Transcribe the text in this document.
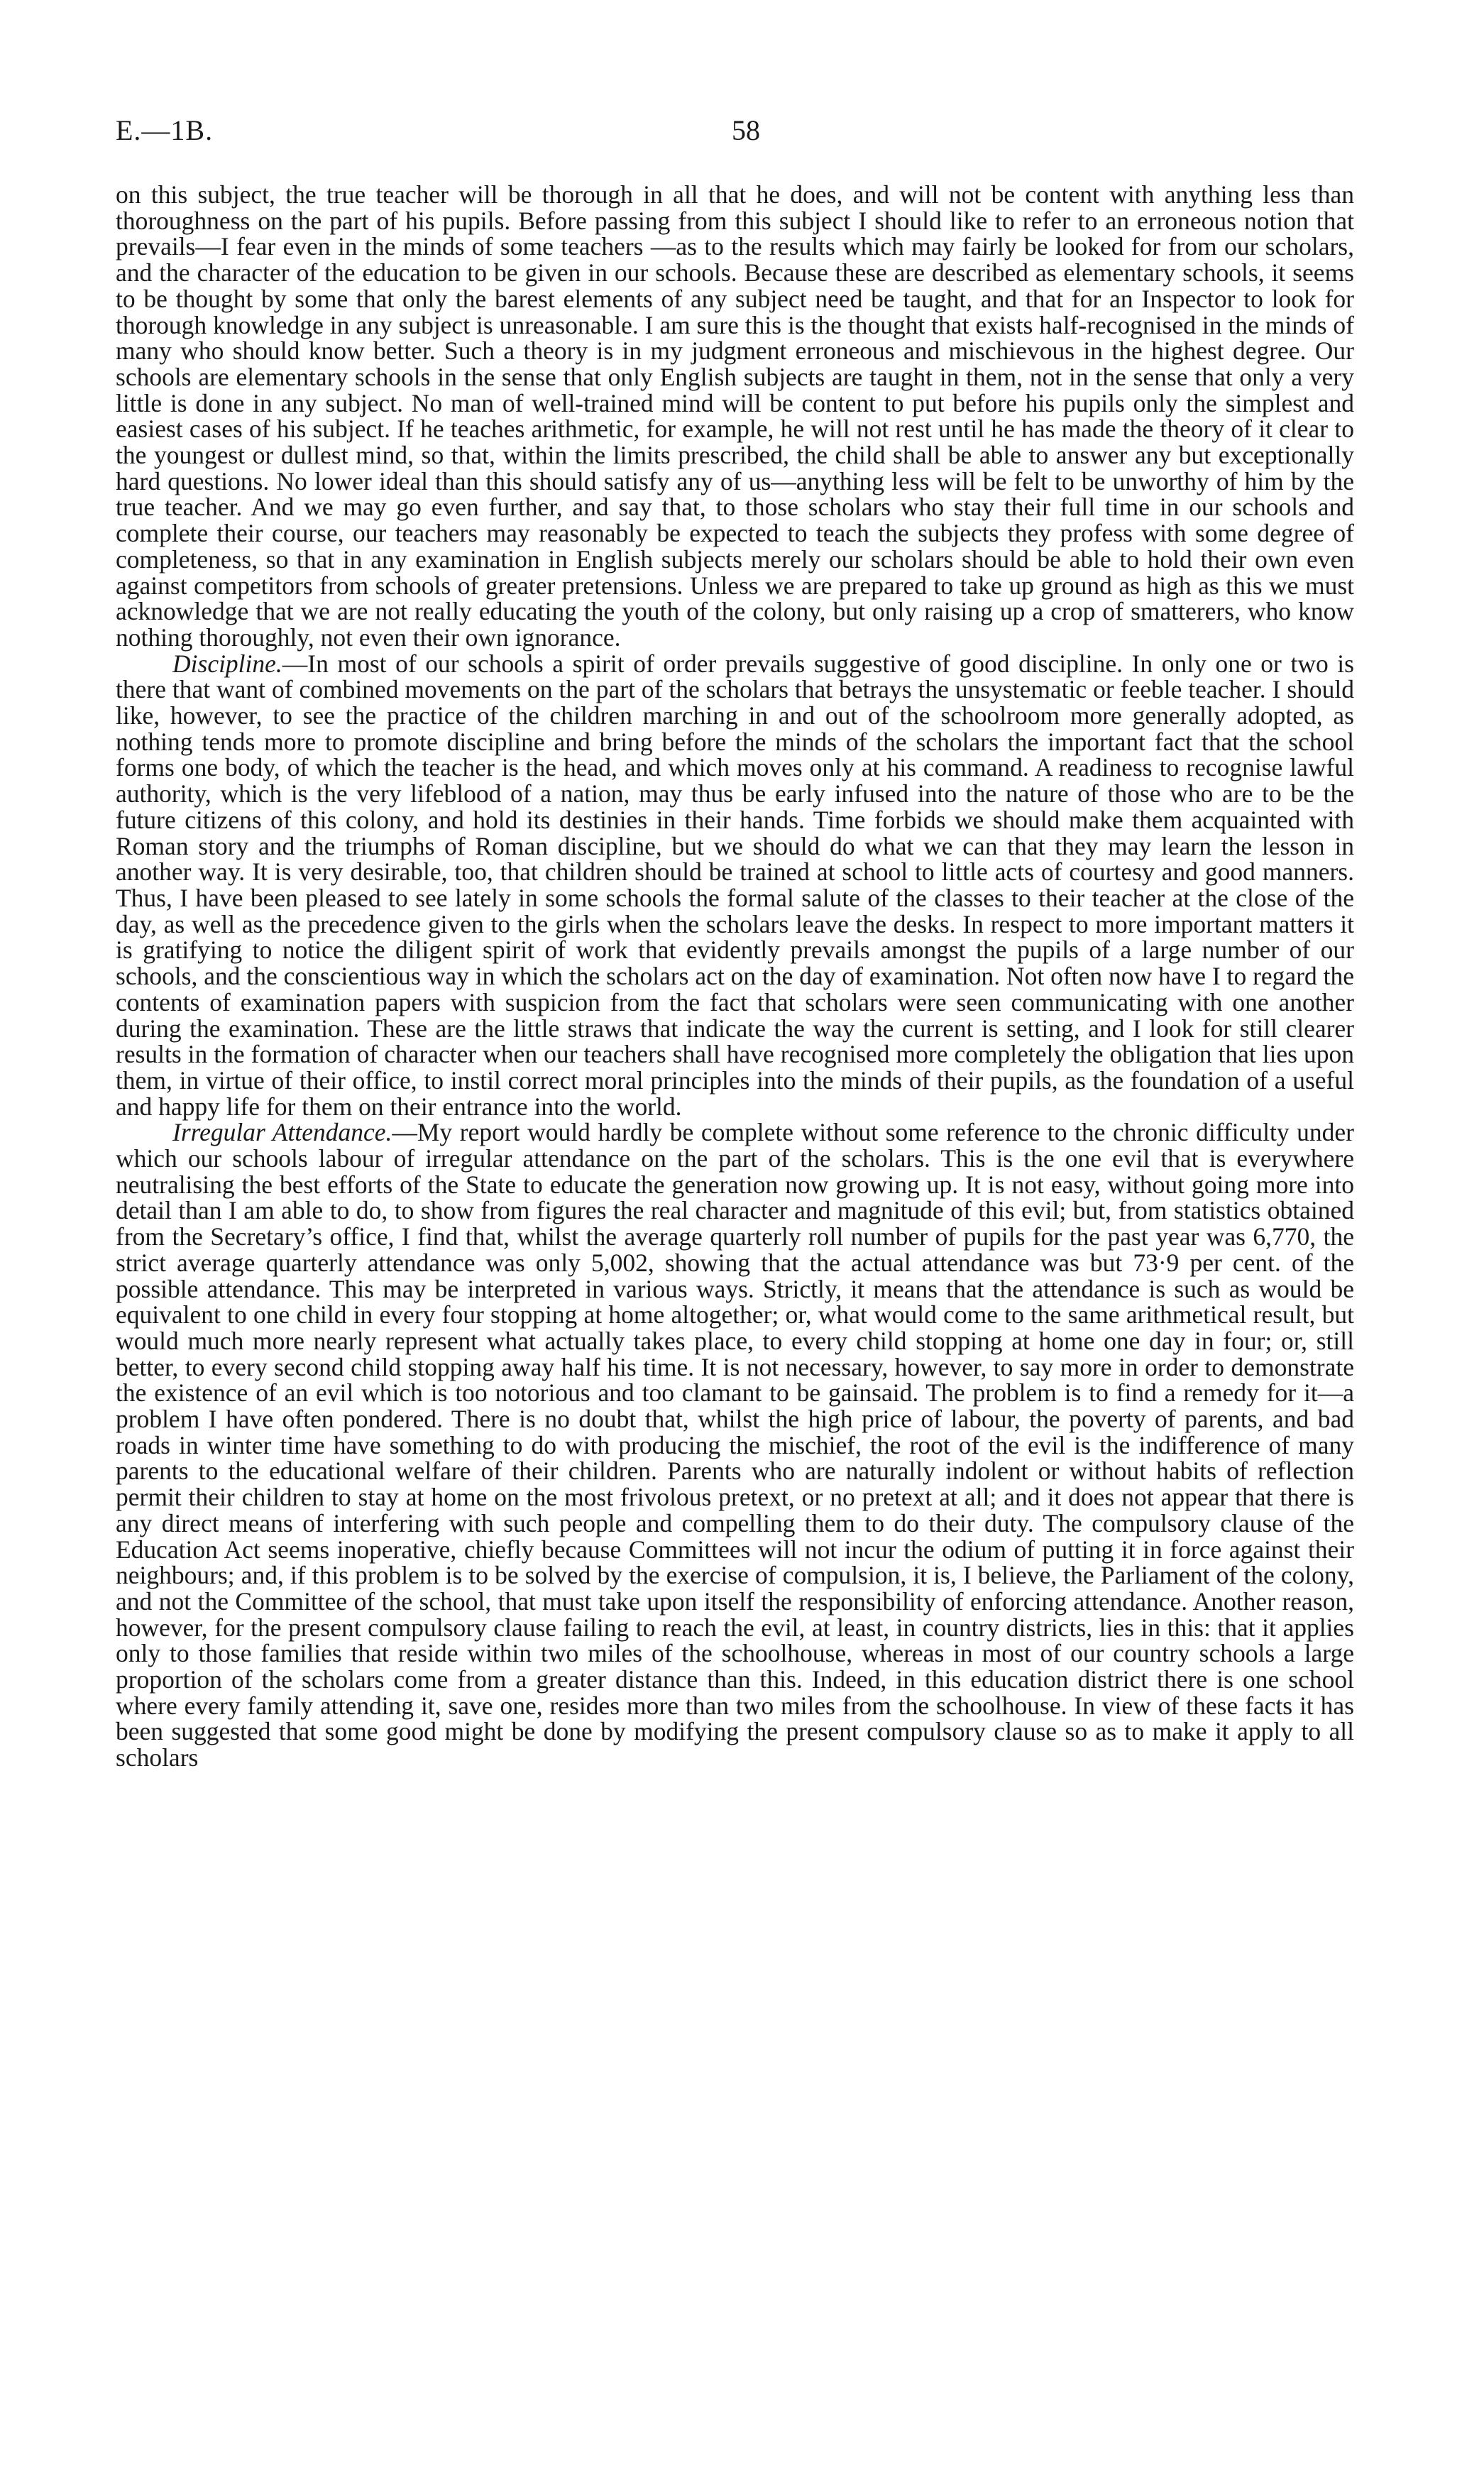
E.—1B.	58

on this subject, the true teacher will be thorough in all that he does, and will not be content with anything less than thoroughness on the part of his pupils. Before passing from this subject I should like to refer to an erroneous notion that prevails—I fear even in the minds of some teachers —as to the results which may fairly be looked for from our scholars, and the character of the education to be given in our schools. Because these are described as elementary schools, it seems to be thought by some that only the barest elements of any subject need be taught, and that for an Inspector to look for thorough knowledge in any subject is unreasonable. I am sure this is the thought that exists half-recognised in the minds of many who should know better. Such a theory is in my judgment erroneous and mischievous in the highest degree. Our schools are elementary schools in the sense that only English subjects are taught in them, not in the sense that only a very little is done in any subject. No man of well-trained mind will be content to put before his pupils only the simplest and easiest cases of his subject. If he teaches arithmetic, for example, he will not rest until he has made the theory of it clear to the youngest or dullest mind, so that, within the limits prescribed, the child shall be able to answer any but exceptionally hard questions. No lower ideal than this should satisfy any of us—anything less will be felt to be unworthy of him by the true teacher. And we may go even further, and say that, to those scholars who stay their full time in our schools and complete their course, our teachers may reasonably be expected to teach the subjects they profess with some degree of completeness, so that in any examination in English subjects merely our scholars should be able to hold their own even against competitors from schools of greater pretensions. Unless we are prepared to take up ground as high as this we must acknowledge that we are not really educating the youth of the colony, but only raising up a crop of smatterers, who know nothing thoroughly, not even their own ignorance.

Discipline.—In most of our schools a spirit of order prevails suggestive of good discipline. In only one or two is there that want of combined movements on the part of the scholars that betrays the unsystematic or feeble teacher. I should like, however, to see the practice of the children marching in and out of the schoolroom more generally adopted, as nothing tends more to promote discipline and bring before the minds of the scholars the important fact that the school forms one body, of which the teacher is the head, and which moves only at his command. A readiness to recognise lawful authority, which is the very lifeblood of a nation, may thus be early infused into the nature of those who are to be the future citizens of this colony, and hold its destinies in their hands. Time forbids we should make them acquainted with Roman story and the triumphs of Roman discipline, but we should do what we can that they may learn the lesson in another way. It is very desirable, too, that children should be trained at school to little acts of courtesy and good manners. Thus, I have been pleased to see lately in some schools the formal salute of the classes to their teacher at the close of the day, as well as the precedence given to the girls when the scholars leave the desks. In respect to more important matters it is gratifying to notice the diligent spirit of work that evidently prevails amongst the pupils of a large number of our schools, and the conscientious way in which the scholars act on the day of examination. Not often now have I to regard the contents of examination papers with suspicion from the fact that scholars were seen communicating with one another during the examination. These are the little straws that indicate the way the current is setting, and I look for still clearer results in the formation of character when our teachers shall have recognised more completely the obligation that lies upon them, in virtue of their office, to instil correct moral principles into the minds of their pupils, as the foundation of a useful and happy life for them on their entrance into the world.

Irregular Attendance.—My report would hardly be complete without some reference to the chronic difficulty under which our schools labour of irregular attendance on the part of the scholars. This is the one evil that is everywhere neutralising the best efforts of the State to educate the generation now growing up. It is not easy, without going more into detail than I am able to do, to show from figures the real character and magnitude of this evil; but, from statistics obtained from the Secretary’s office, I find that, whilst the average quarterly roll number of pupils for the past year was 6,770, the strict average quarterly attendance was only 5,002, showing that the actual attendance was but 73·9 per cent. of the possible attendance. This may be interpreted in various ways. Strictly, it means that the attendance is such as would be equivalent to one child in every four stopping at home altogether; or, what would come to the same arithmetical result, but would much more nearly represent what actually takes place, to every child stopping at home one day in four; or, still better, to every second child stopping away half his time. It is not necessary, however, to say more in order to demonstrate the existence of an evil which is too notorious and too clamant to be gainsaid. The problem is to find a remedy for it—a problem I have often pondered. There is no doubt that, whilst the high price of labour, the poverty of parents, and bad roads in winter time have something to do with producing the mischief, the root of the evil is the indifference of many parents to the educational welfare of their children. Parents who are naturally indolent or without habits of reflection permit their children to stay at home on the most frivolous pretext, or no pretext at all; and it does not appear that there is any direct means of interfering with such people and compelling them to do their duty. The compulsory clause of the Education Act seems inoperative, chiefly because Committees will not incur the odium of putting it in force against their neighbours; and, if this problem is to be solved by the exercise of compulsion, it is, I believe, the Parliament of the colony, and not the Committee of the school, that must take upon itself the responsibility of enforcing attendance. Another reason, however, for the present compulsory clause failing to reach the evil, at least, in country districts, lies in this: that it applies only to those families that reside within two miles of the schoolhouse, whereas in most of our country schools a large proportion of the scholars come from a greater distance than this. Indeed, in this education district there is one school where every family attending it, save one, resides more than two miles from the schoolhouse. In view of these facts it has been suggested that some good might be done by modifying the present compulsory clause so as to make it apply to all scholars
